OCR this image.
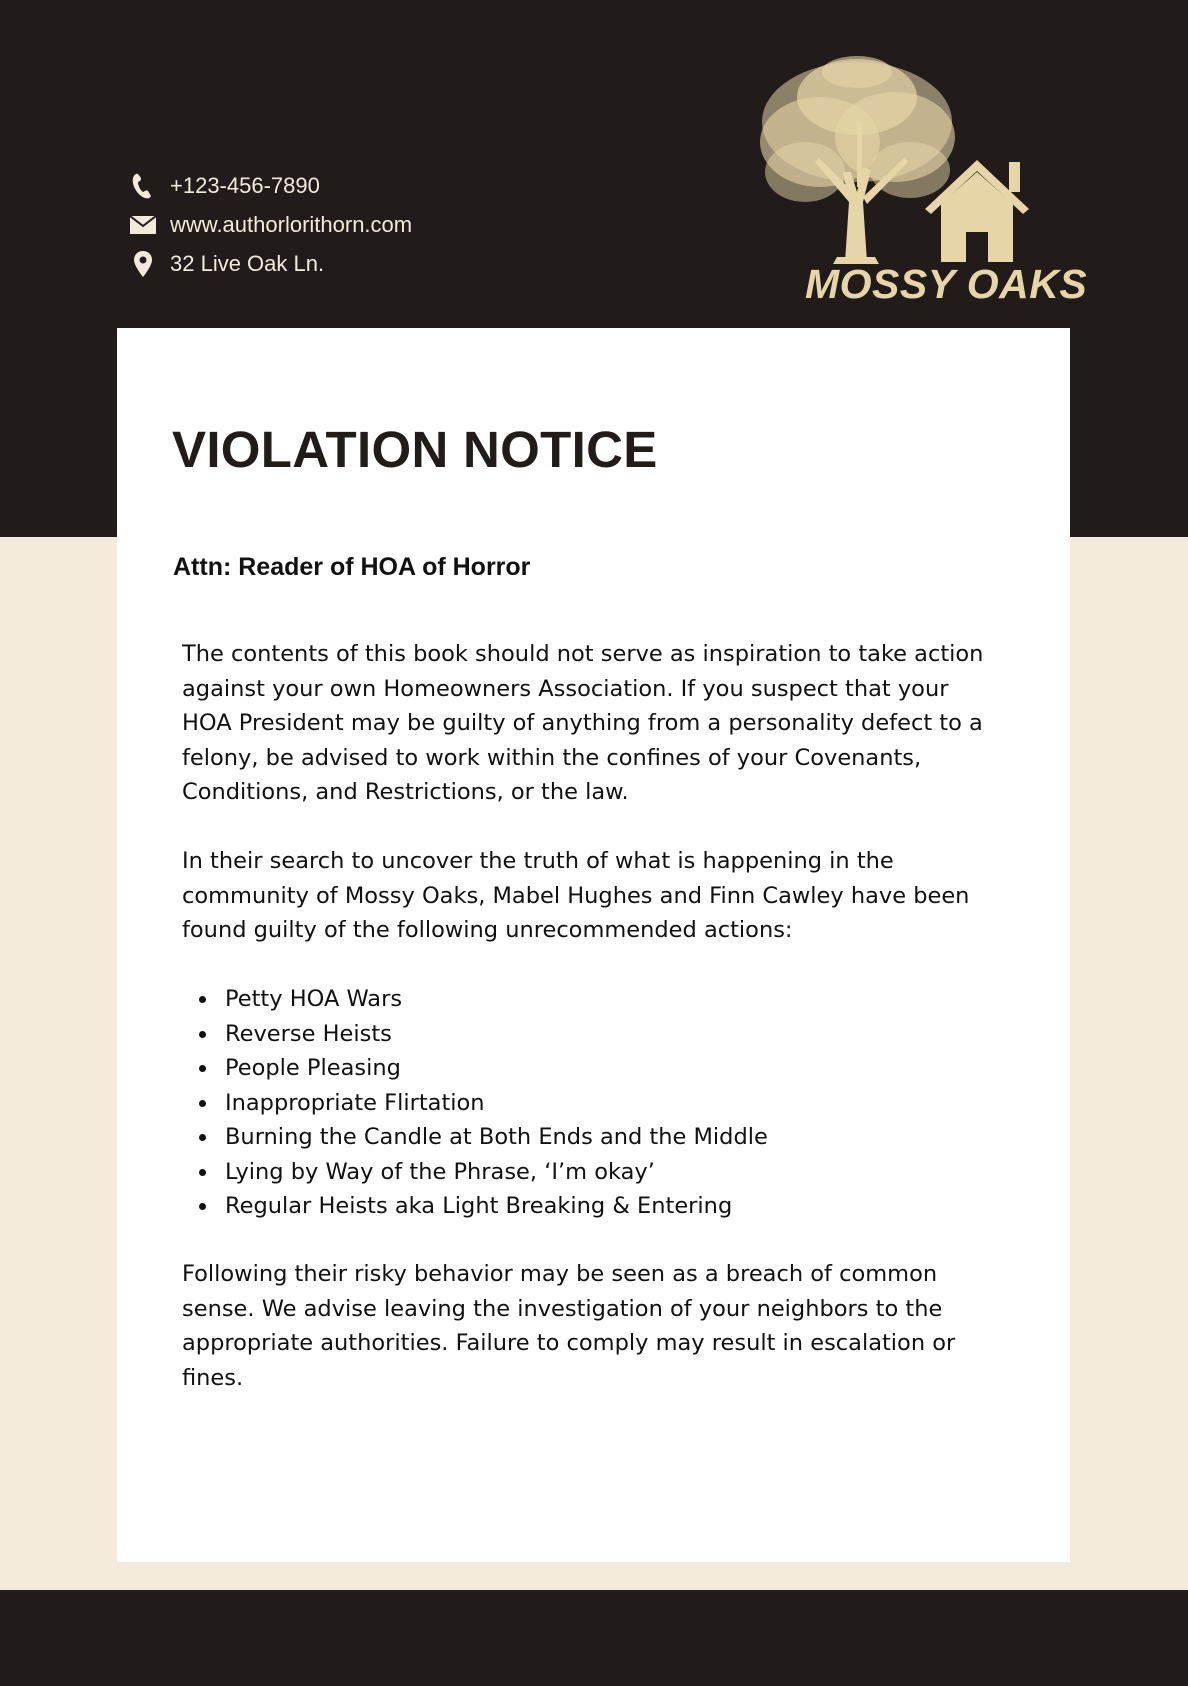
+123-456-7890
www.authorlorithorn.com
32 Live Oak Ln.	MOSSY OAKS
VIOLATION NOTICE
Attn: Reader of HOA of Horror

The contents of this book should not serve as inspiration to take action against your own Homeowners Association. If you suspect that your HOA President may be guilty of anything from a personality defect to a felony, be advised to work within the confines of your Covenants, Conditions, and Restrictions, or the law.

In their search to uncover the truth of what is happening in the community of Mossy Oaks, Mabel Hughes and Finn Cawley have been found guilty of the following unrecommended actions:

Petty HOA Wars
Reverse Heists
People Pleasing
Inappropriate Flirtation
Burning the Candle at Both Ends and the Middle
Lying by Way of the Phrase, ‘I’m okay’
Regular Heists aka Light Breaking & Entering

Following their risky behavior may be seen as a breach of common sense. We advise leaving the investigation of your neighbors to the appropriate authorities. Failure to comply may result in escalation or fines.
